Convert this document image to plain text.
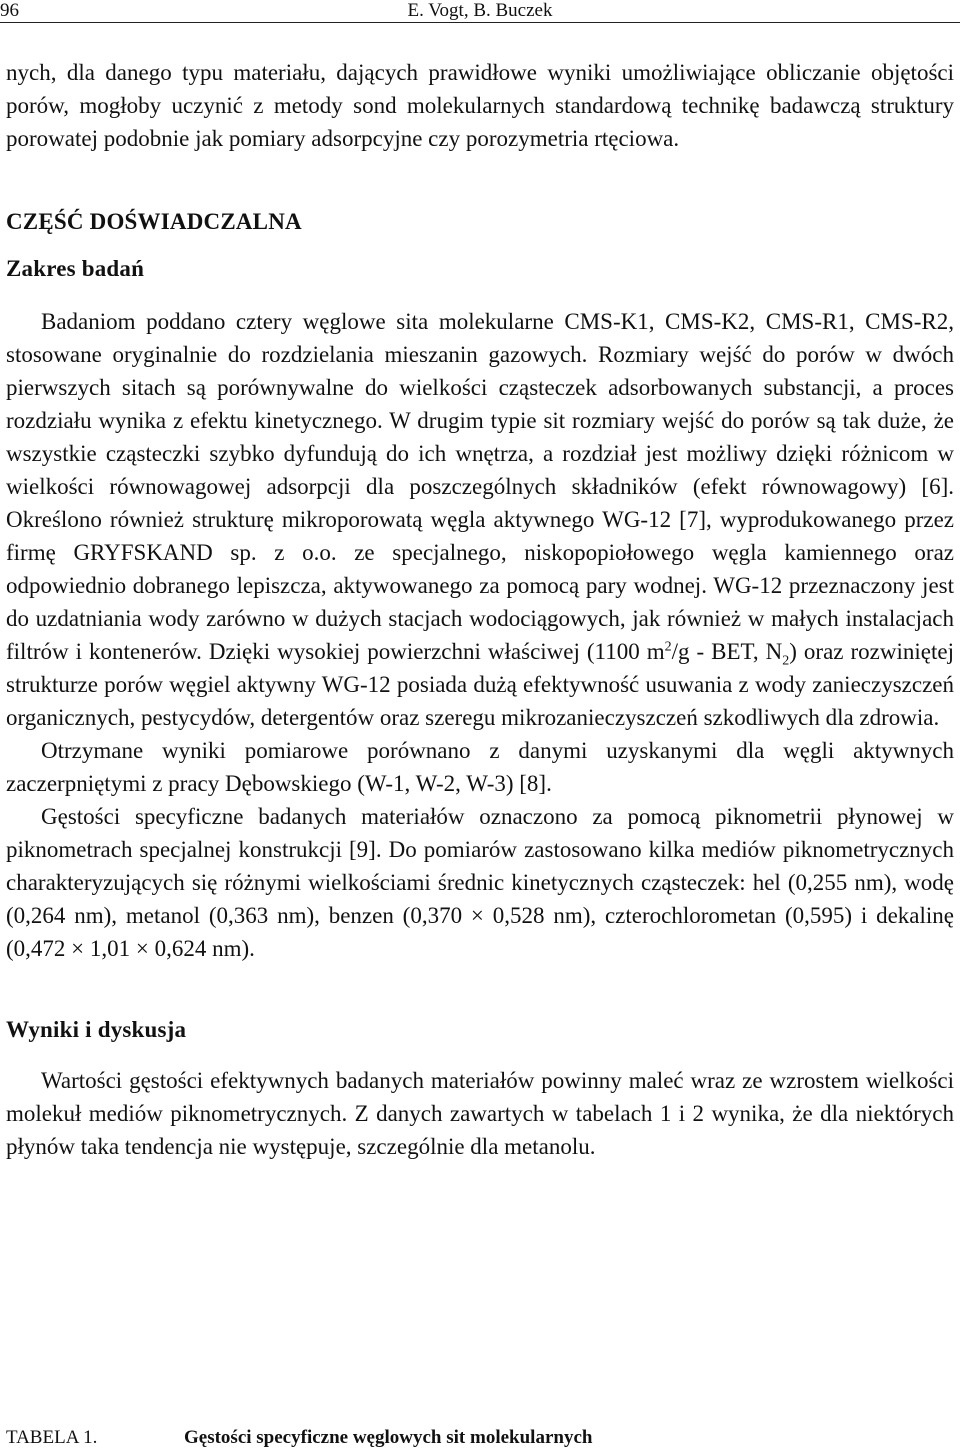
96	E. Vogt, B. Buczek

nych, dla danego typu materiału, dających prawidłowe wyniki umożliwiające obliczanie objętości porów, mogłoby uczynić z metody sond molekularnych standardową technikę badawczą struktury porowatej podobnie jak pomiary adsorpcyjne czy porozymetria rtęciowa.

CZĘŚĆ DOŚWIADCZALNA
Zakres badań

Badaniom poddano cztery węglowe sita molekularne CMS-K1, CMS-K2, CMS-R1, CMS-R2, stosowane oryginalnie do rozdzielania mieszanin gazowych. Rozmiary wejść do porów w dwóch pierwszych sitach są porównywalne do wielkości cząsteczek adsorbowanych substancji, a proces rozdziału wynika z efektu kinetycznego. W drugim typie sit rozmiary wejść do porów są tak duże, że wszystkie cząsteczki szybko dyfundują do ich wnętrza, a rozdział jest możliwy dzięki różnicom w wielkości równowagowej adsorpcji dla poszczególnych składników (efekt równowagowy) [6]. Określono również strukturę mikroporowatą węgla aktywnego WG-12 [7], wyprodukowanego przez firmę GRYFSKAND sp. z o.o. ze specjalnego, niskopopiołowego węgla kamiennego oraz odpowiednio dobranego lepiszcza, aktywowanego za pomocą pary wodnej. WG-12 przeznaczony jest do uzdatniania wody zarówno w dużych stacjach wodociągowych, jak również w małych instalacjach filtrów i kontenerów. Dzięki wysokiej powierzchni właściwej (1100 $m^2/g$ - BET, $N_2$) oraz rozwiniętej strukturze porów węgiel aktywny WG-12 posiada dużą efektywność usuwania z wody zanieczyszczeń organicznych, pestycydów, detergentów oraz szeregu mikrozanieczyszczeń szkodliwych dla zdrowia.

Otrzymane wyniki pomiarowe porównano z danymi uzyskanymi dla węgli aktywnych zaczerpniętymi z pracy Dębowskiego (W-1, W-2, W-3) [8].

Gęstości specyficzne badanych materiałów oznaczono za pomocą piknometrii płynowej w piknometrach specjalnej konstrukcji [9]. Do pomiarów zastosowano kilka mediów piknometrycznych charakteryzujących się różnymi wielkościami średnic kinetycznych cząsteczek: hel (0,255 nm), wodę (0,264 nm), metanol (0,363 nm), benzen (0,370 × 0,528 nm), czterochlorometan (0,595) i dekalinę (0,472 × 1,01 × 0,624 nm).

Wyniki i dyskusja

Wartości gęstości efektywnych badanych materiałów powinny maleć wraz ze wzrostem wielkości molekuł mediów piknometrycznych. Z danych zawartych w tabelach 1 i 2 wynika, że dla niektórych płynów taka tendencja nie występuje, szczególnie dla metanolu.

TABELA 1.	Gęstości specyficzne węglowych sit molekularnych
